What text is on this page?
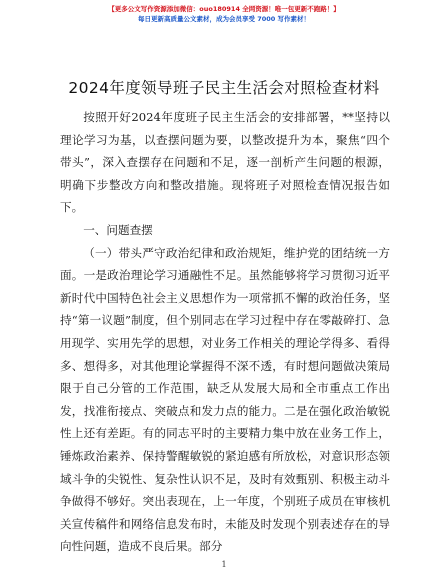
【更多公文写作资源添加微信：ouo180914 全网资源！唯一包更新不跑路！】
每日更新高质量公文素材，成为会员享受 7000 写作素材！
2024年度领导班子民主生活会对照检查材料

按照开好2024年度班子民主生活会的安排部署，**坚持以理论学习为基，以查摆问题为要，以整改提升为本，聚焦“四个带头”，深入查摆存在问题和不足，逐一剖析产生问题的根源，明确下步整改方向和整改措施。现将班子对照检查情况报告如下。

一、问题查摆

（一）带头严守政治纪律和政治规矩，维护党的团结统一方面。一是政治理论学习通融性不足。虽然能够将学习贯彻习近平新时代中国特色社会主义思想作为一项常抓不懈的政治任务，坚持“第一议题”制度，但个别同志在学习过程中存在零敲碎打、急用现学、实用先学的思想，对业务工作相关的理论学得多、看得多、想得多，对其他理论掌握得不深不透，有时想问题做决策局限于自己分管的工作范围，缺乏从发展大局和全市重点工作出发，找准衔接点、突破点和发力点的能力。二是在强化政治敏锐性上还有差距。有的同志平时的主要精力集中放在业务工作上，锤炼政治素养、保持警醒敏锐的紧迫感有所放松，对意识形态领域斗争的尖锐性、复杂性认识不足，及时有效甄别、积极主动斗争做得不够好。突出表现在，上一年度，个别班子成员在审核机关宣传稿件和网络信息发布时，未能及时发现个别表述存在的导向性问题，造成不良后果。部分

1
